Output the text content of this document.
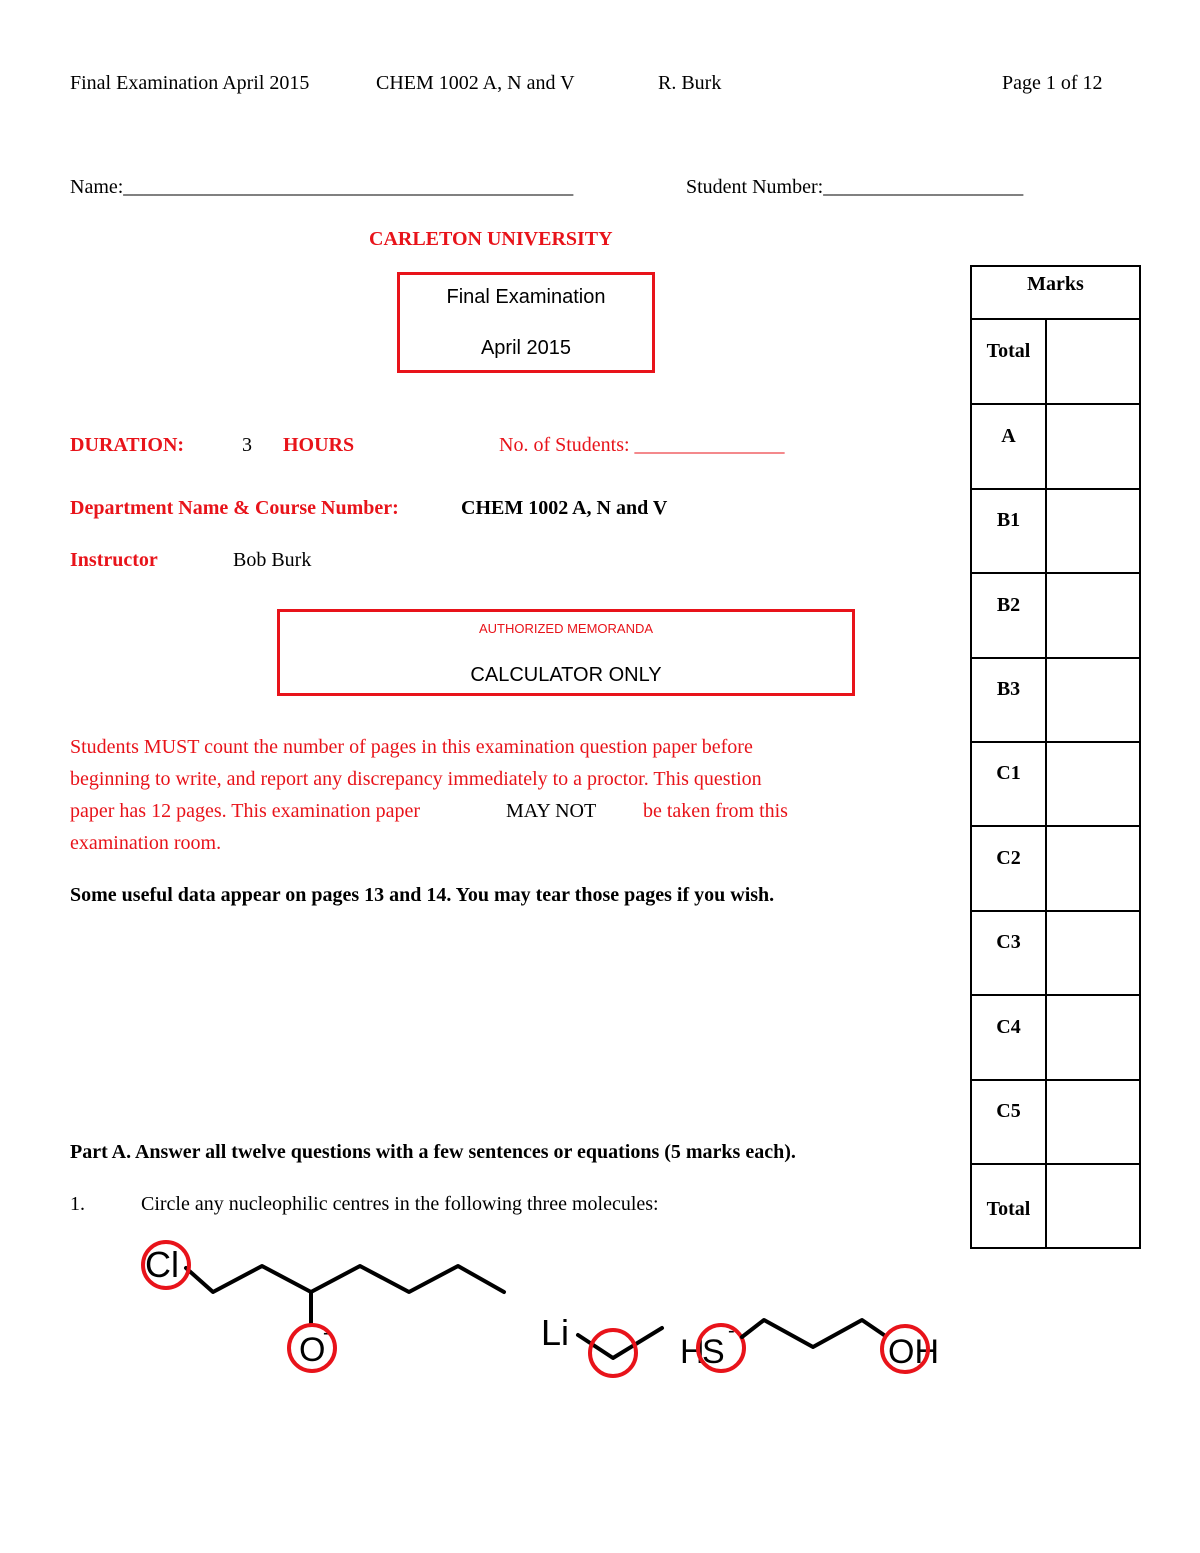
Final Examination April 2015	CHEM 1002 A, N and V	R. Burk	Page 1 of 12
Name:_____________________________________________	Student Number:____________________
CARLETON UNIVERSITY
Final Examination
April 2015
DURATION:	3 HOURS	No. of Students: _______________
Department Name & Course Number:	CHEM 1002 A, N and V
Instructor	Bob Burk
AUTHORIZED MEMORANDA
CALCULATOR ONLY
Students MUST count the number of pages in this examination question paper before
beginning to write, and report any discrepancy immediately to a proctor. This question
paper has 12 pages. This examination paper	MAY NOT be taken from this
examination room.
Some useful data appear on pages 13 and 14. You may tear those pages if you wish.
Marks
Total
A
B1
B2
B3
C1
C2
C3
C4
C5
Total
Part A. Answer all twelve questions with a few sentences or equations (5 marks each).
1.	Circle any nucleophilic centres in the following three molecules:
Cl
O
-	Li	H
S
-
OH
